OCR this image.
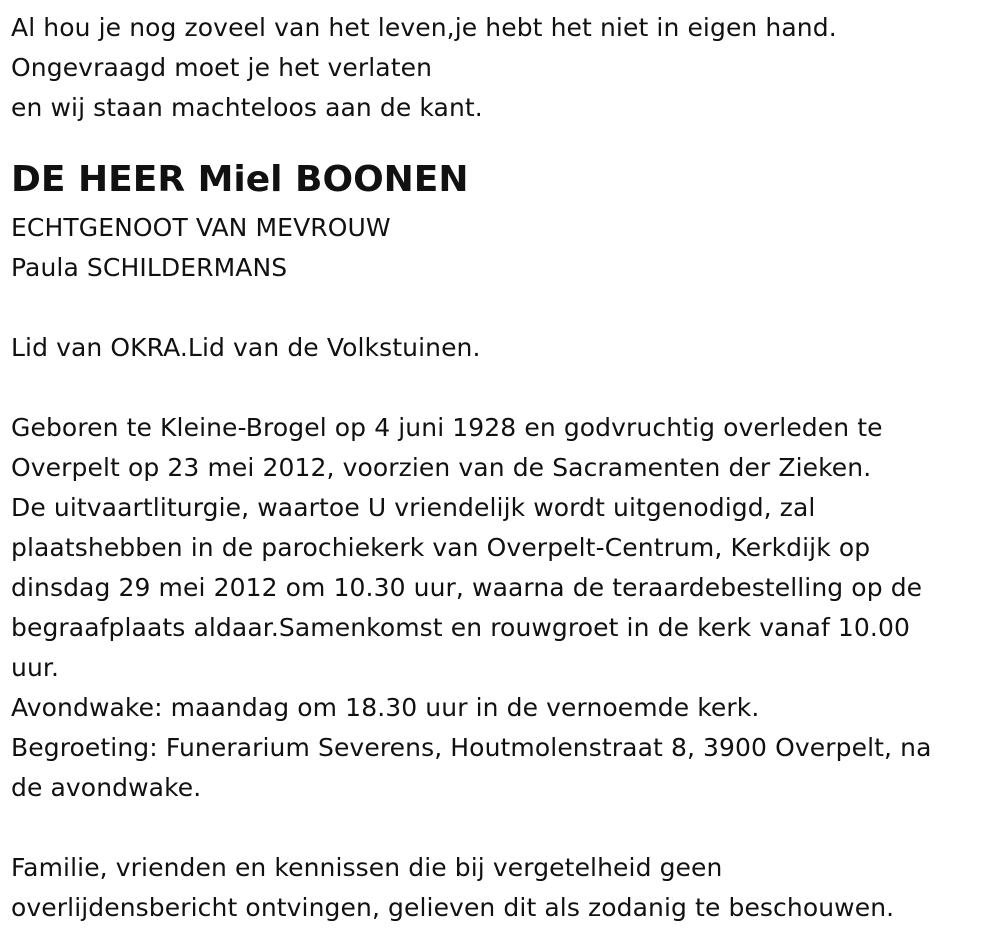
Al hou je nog zoveel van het leven,je hebt het niet in eigen hand.
Ongevraagd moet je het verlaten
en wij staan machteloos aan de kant.
DE HEER Miel BOONEN
ECHTGENOOT VAN MEVROUW
Paula SCHILDERMANS
Lid van OKRA.Lid van de Volkstuinen.
Geboren te Kleine-Brogel op 4 juni 1928 en godvruchtig overleden te
Overpelt op 23 mei 2012, voorzien van de Sacramenten der Zieken.
De uitvaartliturgie, waartoe U vriendelijk wordt uitgenodigd, zal
plaatshebben in de parochiekerk van Overpelt-Centrum, Kerkdijk op
dinsdag 29 mei 2012 om 10.30 uur, waarna de teraardebestelling op de
begraafplaats aldaar.Samenkomst en rouwgroet in de kerk vanaf 10.00
uur.
Avondwake: maandag om 18.30 uur in de vernoemde kerk.
Begroeting: Funerarium Severens, Houtmolenstraat 8, 3900 Overpelt, na
de avondwake.
Familie, vrienden en kennissen die bij vergetelheid geen
overlijdensbericht ontvingen, gelieven dit als zodanig te beschouwen.
